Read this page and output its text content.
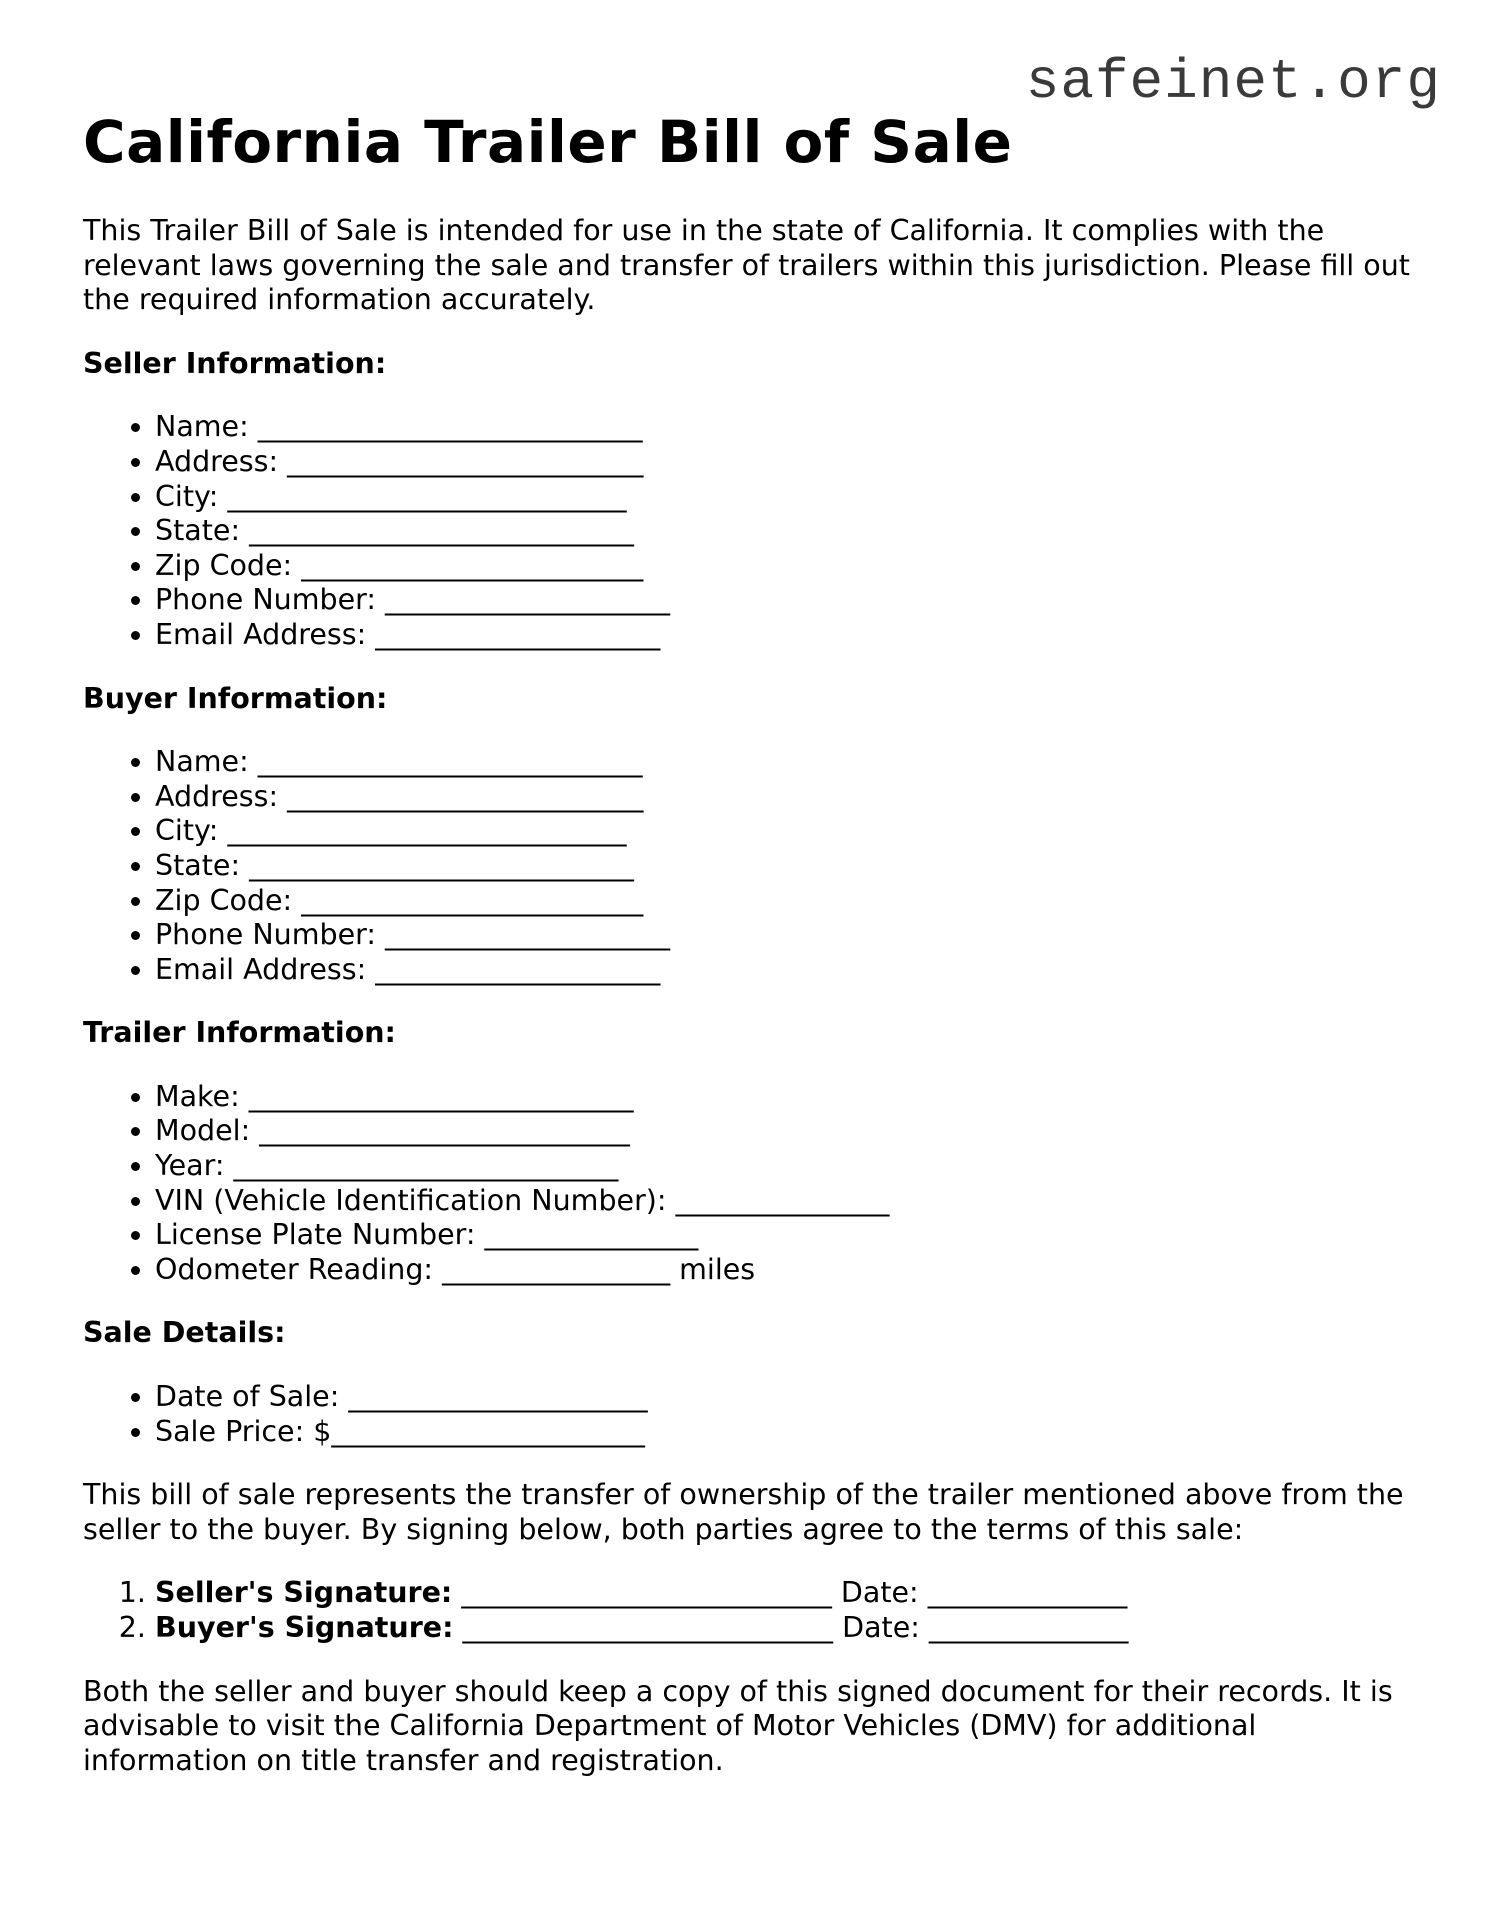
safeinet.org
California Trailer Bill of Sale

This Trailer Bill of Sale is intended for use in the state of California. It complies with the relevant laws governing the sale and transfer of trailers within this jurisdiction. Please fill out the required information accurately.

Seller Information:
• Name: ___________________________
• Address: _________________________
• City: ____________________________
• State: ___________________________
• Zip Code: ________________________
• Phone Number: ____________________
• Email Address: ____________________
Buyer Information:
• Name: ___________________________
• Address: _________________________
• City: ____________________________
• State: ___________________________
• Zip Code: ________________________
• Phone Number: ____________________
• Email Address: ____________________
Trailer Information:
• Make: ___________________________
• Model: __________________________
• Year: ___________________________
• VIN (Vehicle Identification Number): _______________
• License Plate Number: _______________
• Odometer Reading: ________________ miles
Sale Details:
• Date of Sale: _____________________
• Sale Price: $______________________

This bill of sale represents the transfer of ownership of the trailer mentioned above from the seller to the buyer. By signing below, both parties agree to the terms of this sale:

1. Seller's Signature: __________________________ Date: ______________
2. Buyer's Signature: __________________________ Date: ______________

Both the seller and buyer should keep a copy of this signed document for their records. It is advisable to visit the California Department of Motor Vehicles (DMV) for additional information on title transfer and registration.
